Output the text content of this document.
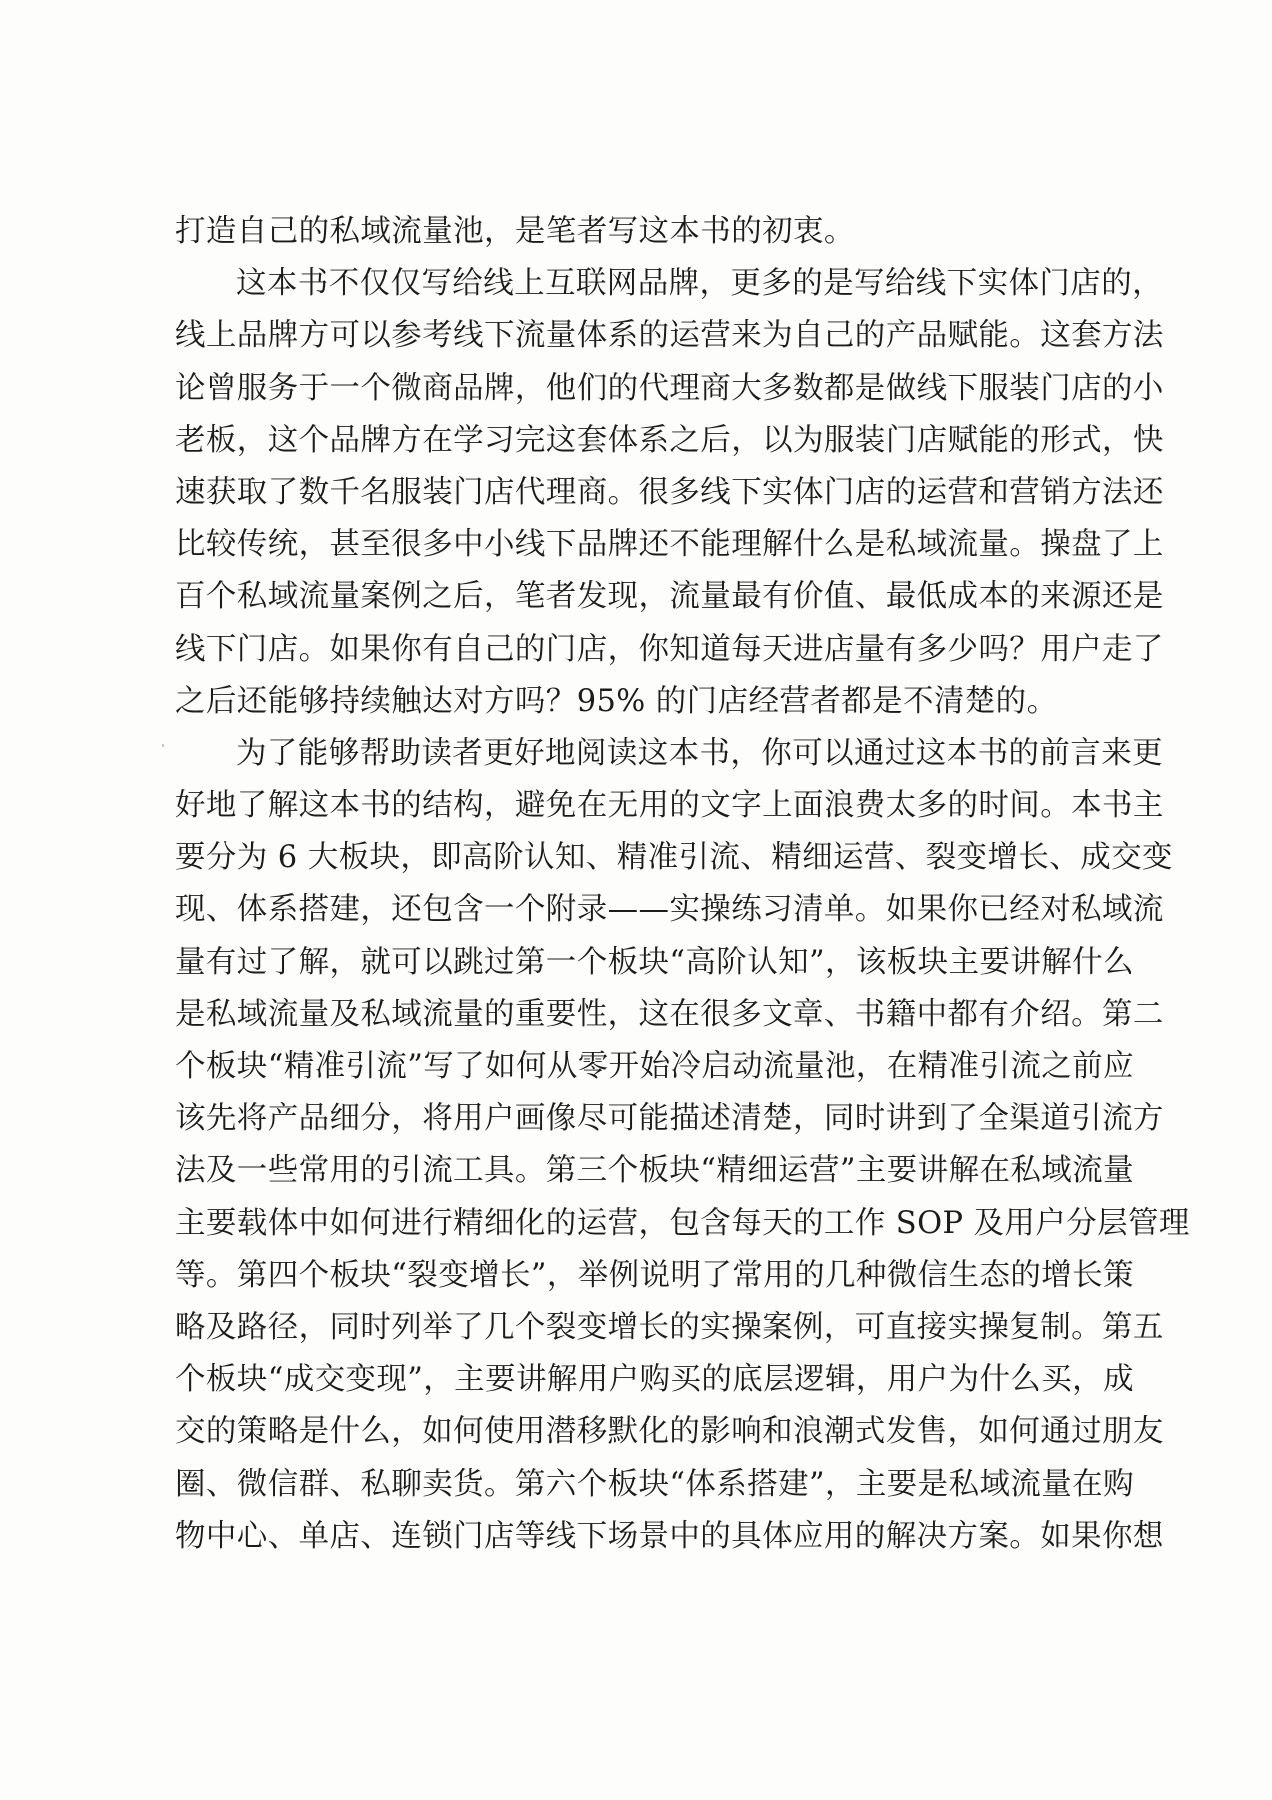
打造自己的私域流量池，是笔者写这本书的初衷。
这本书不仅仅写给线上互联网品牌，更多的是写给线下实体门店的，
线上品牌方可以参考线下流量体系的运营来为自己的产品赋能。这套方法
论曾服务于一个微商品牌，他们的代理商大多数都是做线下服装门店的小
老板，这个品牌方在学习完这套体系之后，以为服装门店赋能的形式，快
速获取了数千名服装门店代理商。很多线下实体门店的运营和营销方法还
比较传统，甚至很多中小线下品牌还不能理解什么是私域流量。操盘了上
百个私域流量案例之后，笔者发现，流量最有价值、最低成本的来源还是
线下门店。如果你有自己的门店，你知道每天进店量有多少吗？用户走了
之后还能够持续触达对方吗？95% 的门店经营者都是不清楚的。
为了能够帮助读者更好地阅读这本书，你可以通过这本书的前言来更
好地了解这本书的结构，避免在无用的文字上面浪费太多的时间。本书主
要分为 6 大板块，即高阶认知、精准引流、精细运营、裂变增长、成交变
现、体系搭建，还包含一个附录——实操练习清单。如果你已经对私域流
量有过了解，就可以跳过第一个板块“高阶认知”，该板块主要讲解什么
是私域流量及私域流量的重要性，这在很多文章、书籍中都有介绍。第二
个板块“精准引流”写了如何从零开始冷启动流量池，在精准引流之前应
该先将产品细分，将用户画像尽可能描述清楚，同时讲到了全渠道引流方
法及一些常用的引流工具。第三个板块“精细运营”主要讲解在私域流量
主要载体中如何进行精细化的运营，包含每天的工作 SOP 及用户分层管理
等。第四个板块“裂变增长”，举例说明了常用的几种微信生态的增长策
略及路径，同时列举了几个裂变增长的实操案例，可直接实操复制。第五
个板块“成交变现”，主要讲解用户购买的底层逻辑，用户为什么买，成
交的策略是什么，如何使用潜移默化的影响和浪潮式发售，如何通过朋友
圈、微信群、私聊卖货。第六个板块“体系搭建”，主要是私域流量在购
物中心、单店、连锁门店等线下场景中的具体应用的解决方案。如果你想
